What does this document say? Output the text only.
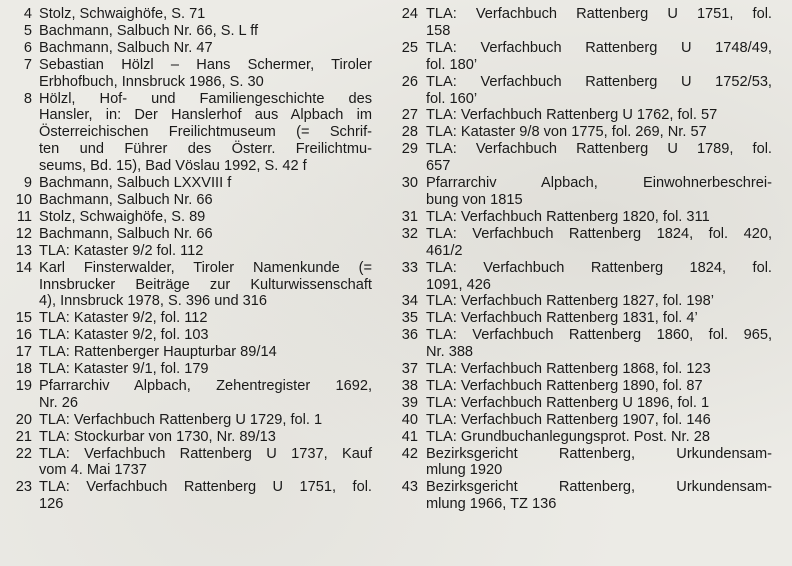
4 Stolz, Schwaighöfe, S. 71
5 Bachmann, Salbuch Nr. 66, S. L ff
6 Bachmann, Salbuch Nr. 47
7 Sebastian Hölzl – Hans Schermer, Tiroler
Erbhofbuch, Innsbruck 1986, S. 30
8 Hölzl, Hof- und Familiengeschichte des
Hansler, in: Der Hanslerhof aus Alpbach im
Österreichischen Freilichtmuseum (= Schrif-
ten und Führer des Österr. Freilichtmu-
seums, Bd. 15), Bad Vöslau 1992, S. 42 f
9 Bachmann, Salbuch LXXVIII f
10 Bachmann, Salbuch Nr. 66
11 Stolz, Schwaighöfe, S. 89
12 Bachmann, Salbuch Nr. 66
13 TLA: Kataster 9/2 fol. 112
14 Karl Finsterwalder, Tiroler Namenkunde (=
Innsbrucker Beiträge zur Kulturwissenschaft
4), Innsbruck 1978, S. 396 und 316
15 TLA: Kataster 9/2, fol. 112
16 TLA: Kataster 9/2, fol. 103
17 TLA: Rattenberger Haupturbar 89/14
18 TLA: Kataster 9/1, fol. 179
19 Pfarrarchiv Alpbach, Zehentregister 1692,
Nr. 26
20 TLA: Verfachbuch Rattenberg U 1729, fol. 1
21 TLA: Stockurbar von 1730, Nr. 89/13
22 TLA: Verfachbuch Rattenberg U 1737, Kauf
vom 4. Mai 1737
23 TLA: Verfachbuch Rattenberg U 1751, fol.
126
24 TLA: Verfachbuch Rattenberg U 1751, fol.
158
25 TLA: Verfachbuch Rattenberg U 1748/49,
fol. 180’
26 TLA: Verfachbuch Rattenberg U 1752/53,
fol. 160’
27 TLA: Verfachbuch Rattenberg U 1762, fol. 57
28 TLA: Kataster 9/8 von 1775, fol. 269, Nr. 57
29 TLA: Verfachbuch Rattenberg U 1789, fol.
657
30 Pfarrarchiv Alpbach, Einwohnerbeschrei-
bung von 1815
31 TLA: Verfachbuch Rattenberg 1820, fol. 311
32 TLA: Verfachbuch Rattenberg 1824, fol. 420,
461/2
33 TLA: Verfachbuch Rattenberg 1824, fol.
1091, 426
34 TLA: Verfachbuch Rattenberg 1827, fol. 198’
35 TLA: Verfachbuch Rattenberg 1831, fol. 4’
36 TLA: Verfachbuch Rattenberg 1860, fol. 965,
Nr. 388
37 TLA: Verfachbuch Rattenberg 1868, fol. 123
38 TLA: Verfachbuch Rattenberg 1890, fol. 87
39 TLA: Verfachbuch Rattenberg U 1896, fol. 1
40 TLA: Verfachbuch Rattenberg 1907, fol. 146
41 TLA: Grundbuchanlegungsprot. Post. Nr. 28
42 Bezirksgericht Rattenberg, Urkundensam-
mlung 1920
43 Bezirksgericht Rattenberg, Urkundensam-
mlung 1966, TZ 136
